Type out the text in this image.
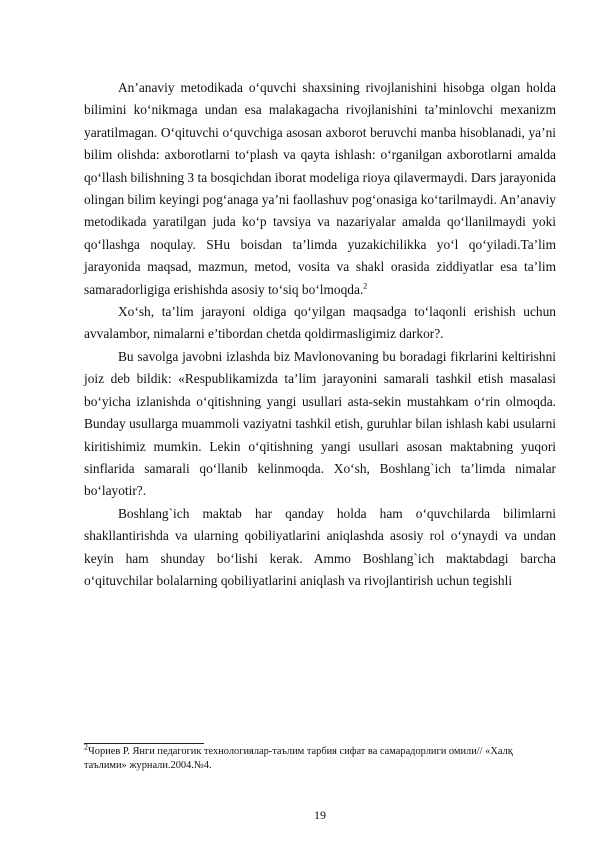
An’anaviy metodikada o‘quvchi shaxsining rivojlanishini hisobga olgan holda bilimini ko‘nikmaga undan esa malakagacha rivojlanishini ta’minlovchi mexanizm yaratilmagan. O‘qituvchi o‘quvchiga asosan axborot beruvchi manba hisoblanadi, ya’ni bilim olishda: axborotlarni to‘plash va qayta ishlash: o‘rganilgan axborotlarni amalda qo‘llash bilishning 3 ta bosqichdan iborat modeliga rioya qilavermaydi. Dars jarayonida olingan bilim keyingi pog‘anaga ya’ni faollashuv pog‘onasiga ko‘tarilmaydi. An’anaviy metodikada yaratilgan juda ko‘p tavsiya va nazariyalar amalda qo‘llanilmaydi yoki qo‘llashga noqulay. SHu boisdan ta’limda yuzakichilikka yo‘l qo‘yiladi.Ta’lim jarayonida maqsad, mazmun, metod, vosita va shakl orasida ziddiyatlar esa ta’lim samaradorligiga erishishda asosiy to‘siq bo‘lmoqda.$^2$

Xo‘sh, ta’lim jarayoni oldiga qo‘yilgan maqsadga to‘laqonli erishish uchun avvalambor, nimalarni e’tibordan chetda qoldirmasligimiz darkor?.

Bu savolga javobni izlashda biz Mavlonovaning bu boradagi fikrlarini keltirishni joiz deb bildik: «Respublikamizda ta’lim jarayonini samarali tashkil etish masalasi bo‘yicha izlanishda o‘qitishning yangi usullari asta-sekin mustahkam o‘rin olmoqda. Bunday usullarga muammoli vaziyatni tashkil etish, guruhlar bilan ishlash kabi usularni kiritishimiz mumkin. Lekin o‘qitishning yangi usullari asosan maktabning yuqori sinflarida samarali qo‘llanib kelinmoqda. Xo‘sh, Boshlang`ich ta’limda nimalar bo‘layotir?.

Boshlang`ich maktab har qanday holda ham o‘quvchilarda bilimlarni shakllantirishda va ularning qobiliyatlarini aniqlashda asosiy rol o‘ynaydi va undan keyin ham shunday bo‘lishi kerak. Ammo Boshlang`ich maktabdagi barcha o‘qituvchilar bolalarning qobiliyatlarini aniqlash va rivojlantirish uchun tegishli

$^2$Чориев Р. Янги педагогик технологиялар-таълим тарбия сифат ва самарадорлиги омили// «Халқ таълими» журнали.2004.№4.
19
